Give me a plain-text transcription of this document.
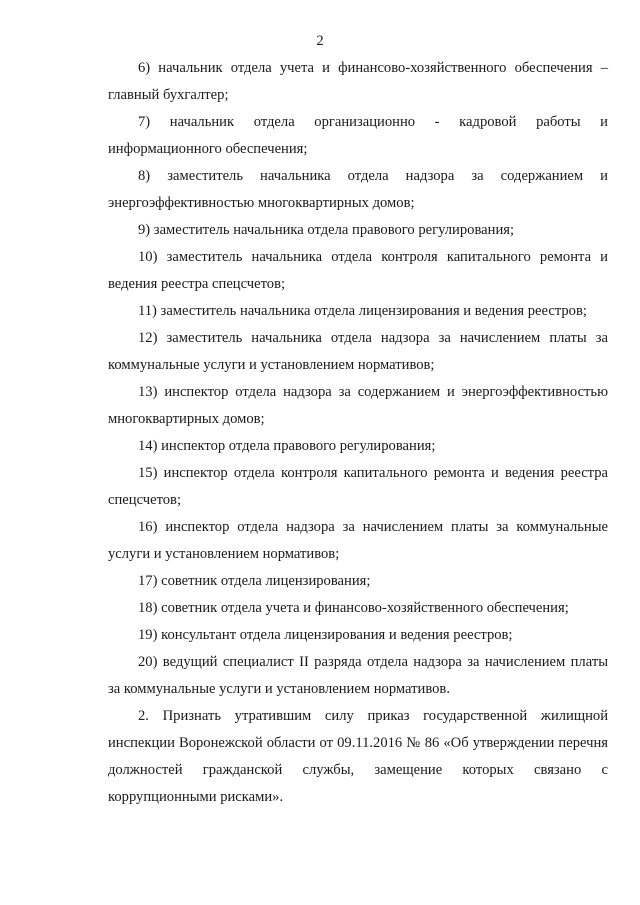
2

6) начальник отдела учета и финансово-хозяйственного обеспечения – главный бухгалтер;

7) начальник отдела организационно - кадровой работы и информационного обеспечения;

8) заместитель начальника отдела надзора за содержанием и энергоэффективностью многоквартирных домов;

9) заместитель начальника отдела правового регулирования;

10) заместитель начальника отдела контроля капитального ремонта и ведения реестра спецсчетов;

11) заместитель начальника отдела лицензирования и ведения реестров;

12) заместитель начальника отдела надзора за начислением платы за коммунальные услуги и установлением нормативов;

13) инспектор отдела надзора за содержанием и энергоэффективностью многоквартирных домов;

14) инспектор отдела правового регулирования;

15) инспектор отдела контроля капитального ремонта и ведения реестра спецсчетов;

16) инспектор отдела надзора за начислением платы за коммунальные услуги и установлением нормативов;

17) советник отдела лицензирования;

18) советник отдела учета и финансово-хозяйственного обеспечения;

19) консультант отдела лицензирования и ведения реестров;

20) ведущий специалист II разряда отдела надзора за начислением платы за коммунальные услуги и установлением нормативов.

2. Признать утратившим силу приказ государственной жилищной инспекции Воронежской области от 09.11.2016 № 86 «Об утверждении перечня должностей гражданской службы, замещение которых связано с коррупционными рисками».
